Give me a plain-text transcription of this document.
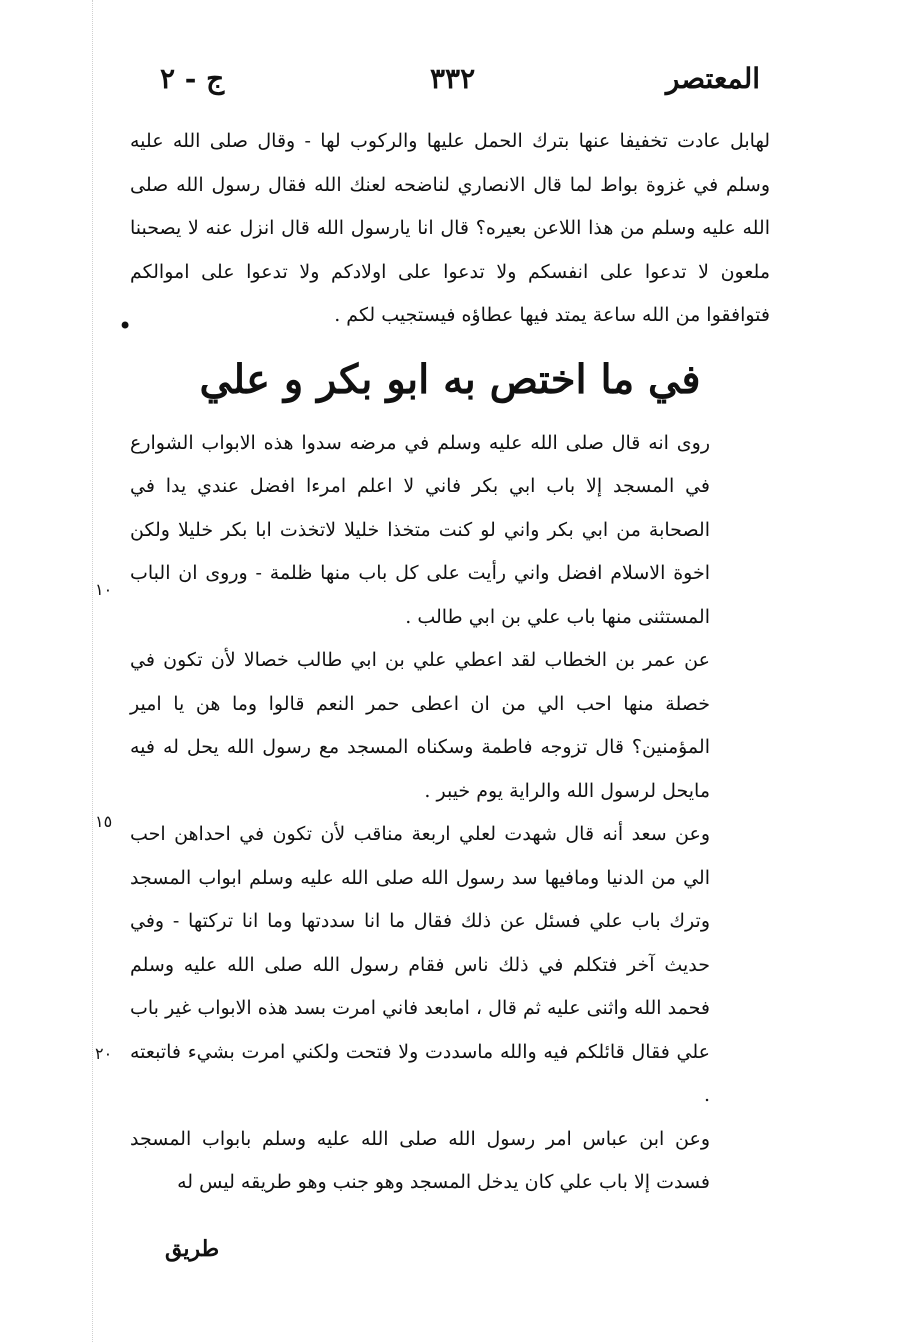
المعتصر
٣٣٢
ج - ٢
•

لهابل عادت تخفيفا عنها بترك الحمل عليها والركوب لها - وقال صلى الله عليه وسلم في غزوة بواط لما قال الانصاري لناضحه لعنك الله فقال رسول الله صلى الله عليه وسلم من هذا اللاعن بعيره؟ قال انا يارسول الله قال انزل عنه لا يصحبنا ملعون لا تدعوا على انفسكم ولا تدعوا على اولادكم ولا تدعوا على اموالكم فتوافقوا من الله ساعة يمتد فيها عطاؤه فيستجيب لكم .

في ما اختص به ابو بكر و علي

روى انه قال صلى الله عليه وسلم في مرضه سدوا هذه الابواب الشوارع في المسجد إلا باب ابي بكر فاني لا اعلم امرءا افضل عندي يدا في الصحابة من ابي بكر واني لو كنت متخذا خليلا لاتخذت ابا بكر خليلا ولكن اخوة الاسلام افضل واني رأيت على كل باب منها ظلمة - وروى ان الباب المستثنى منها باب علي بن ابي طالب .

عن عمر بن الخطاب لقد اعطي علي بن ابي طالب خصالا لأن تكون في خصلة منها احب الي من ان اعطى حمر النعم قالوا وما هن يا امير المؤمنين؟ قال تزوجه فاطمة وسكناه المسجد مع رسول الله يحل له فيه مايحل لرسول الله والراية يوم خيبر .

وعن سعد أنه قال شهدت لعلي اربعة مناقب لأن تكون في احداهن احب الي من الدنيا ومافيها سد رسول الله صلى الله عليه وسلم ابواب المسجد وترك باب علي فسئل عن ذلك فقال ما انا سددتها وما انا تركتها - وفي حديث آخر فتكلم في ذلك ناس فقام رسول الله صلى الله عليه وسلم فحمد الله واثنى عليه ثم قال ، امابعد فاني امرت بسد هذه الابواب غير باب علي فقال قائلكم فيه والله ماسددت ولا فتحت ولكني امرت بشيء فاتبعته .

وعن ابن عباس امر رسول الله صلى الله عليه وسلم بابواب المسجد فسدت إلا باب علي كان يدخل المسجد وهو جنب وهو طريقه ليس له

١٠
١٥
٢٠
طريق
